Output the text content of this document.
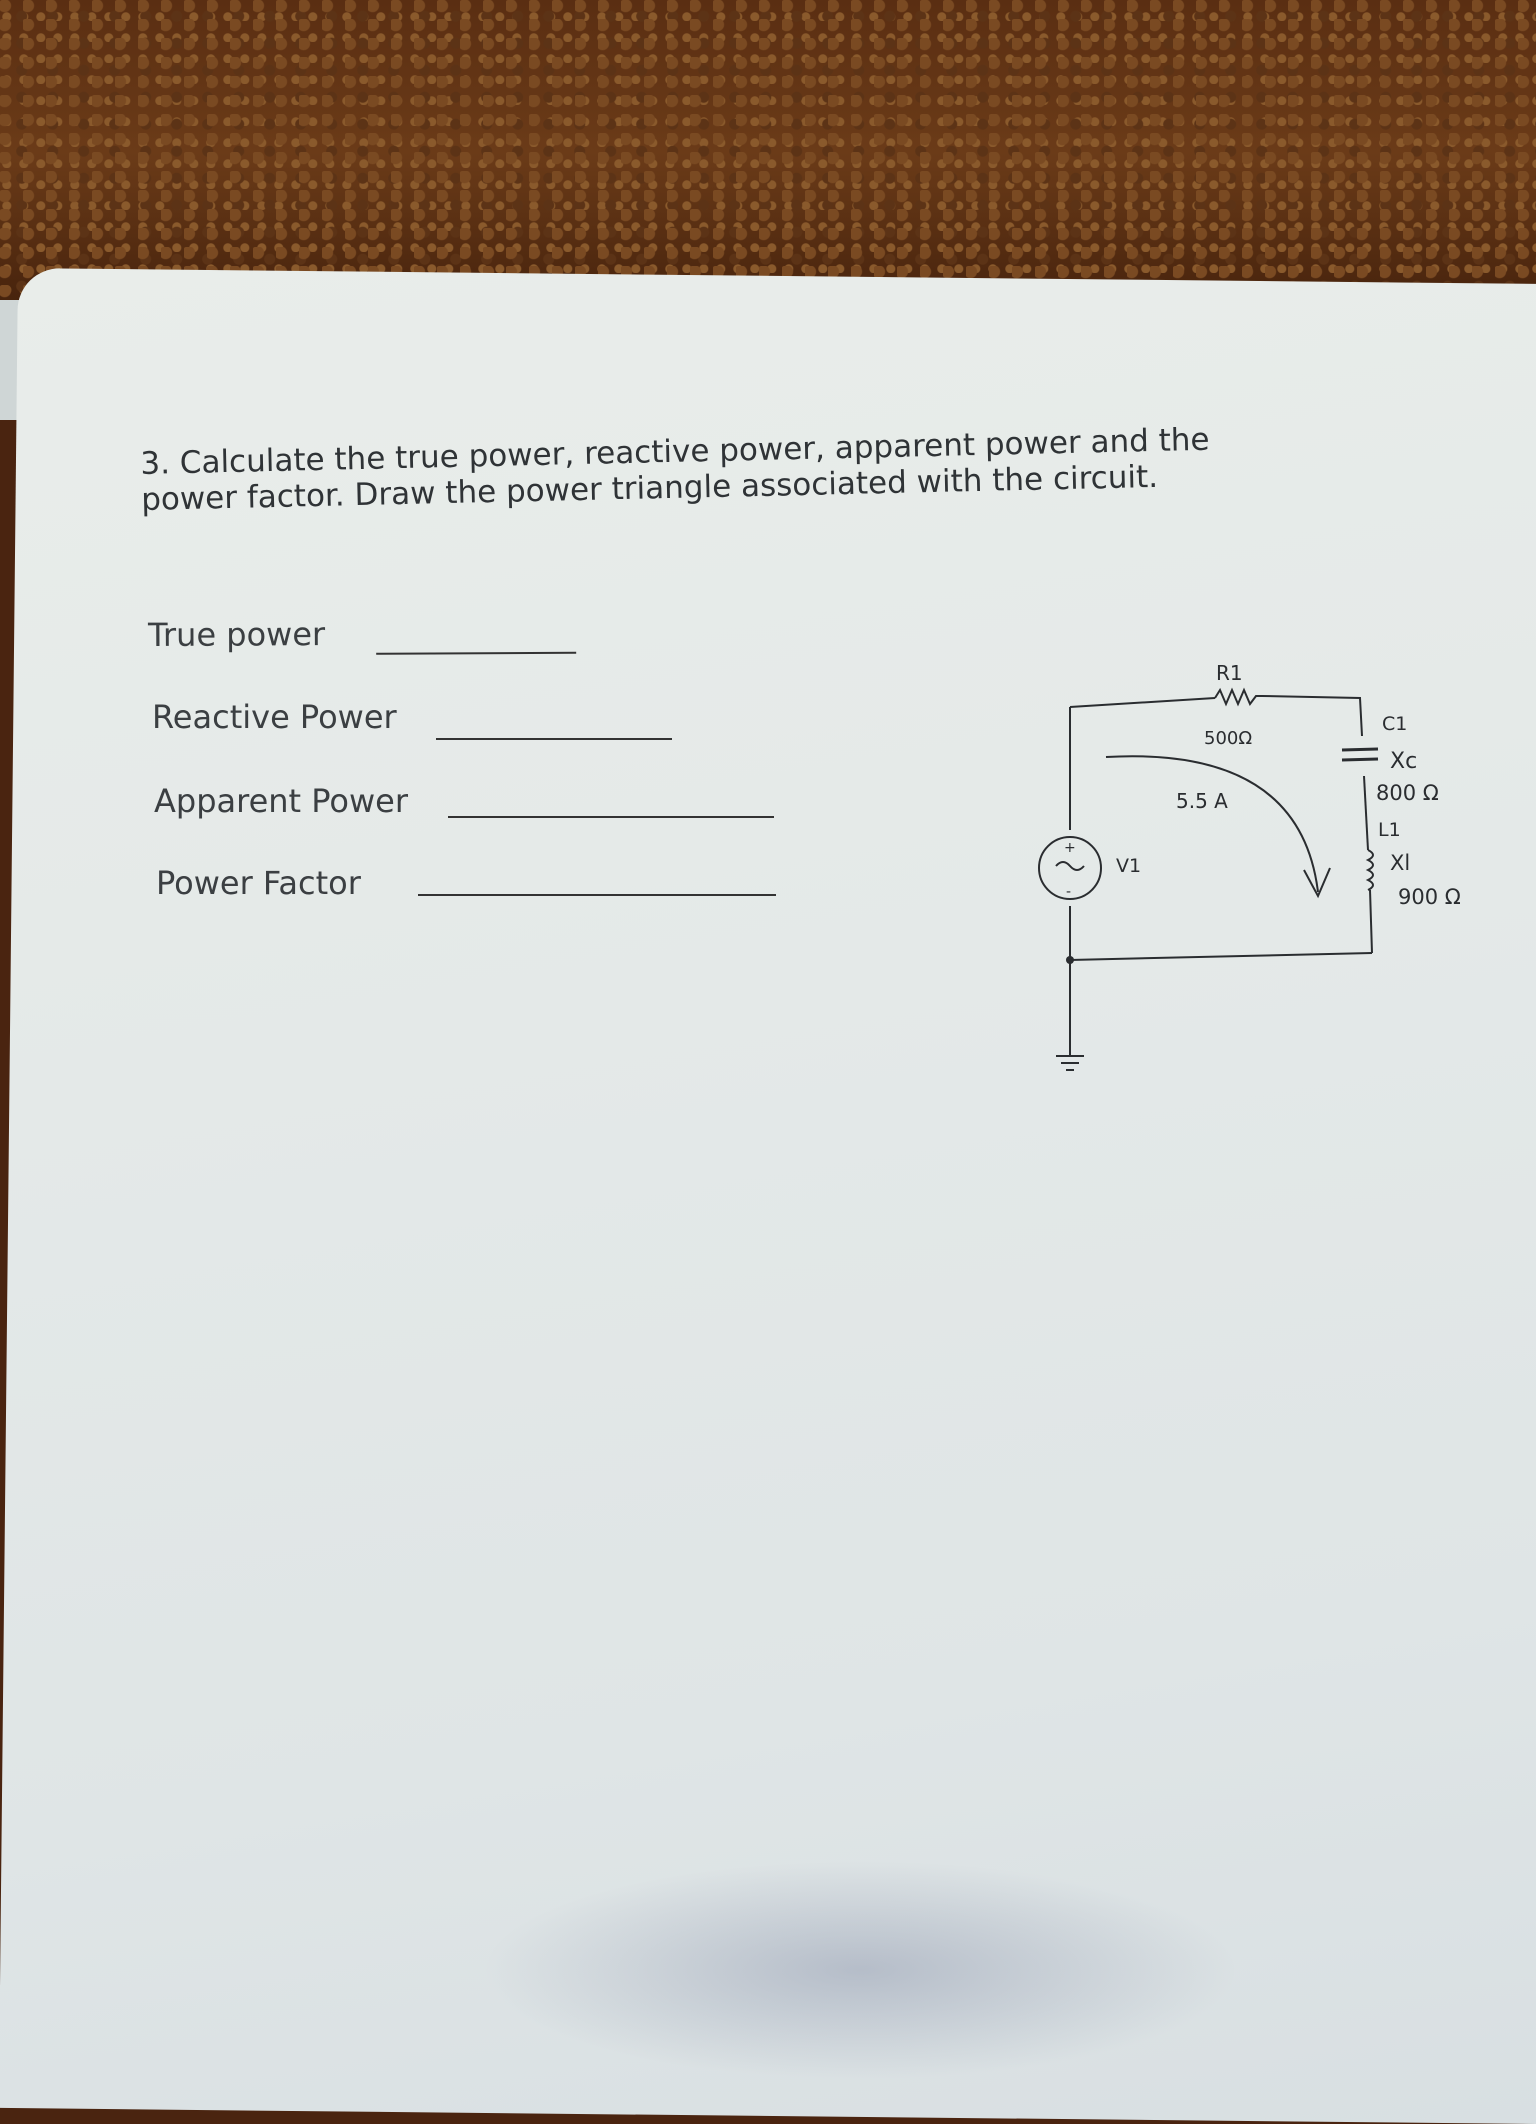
3. Calculate the true power, reactive power, apparent power and the power factor. Draw the power triangle associated with the circuit.
True power
Reactive Power
Apparent Power
Power Factor
+
-
R1
500Ω
5.5 A
C1
Xc
800 Ω
L1
Xl
900 Ω
V1
